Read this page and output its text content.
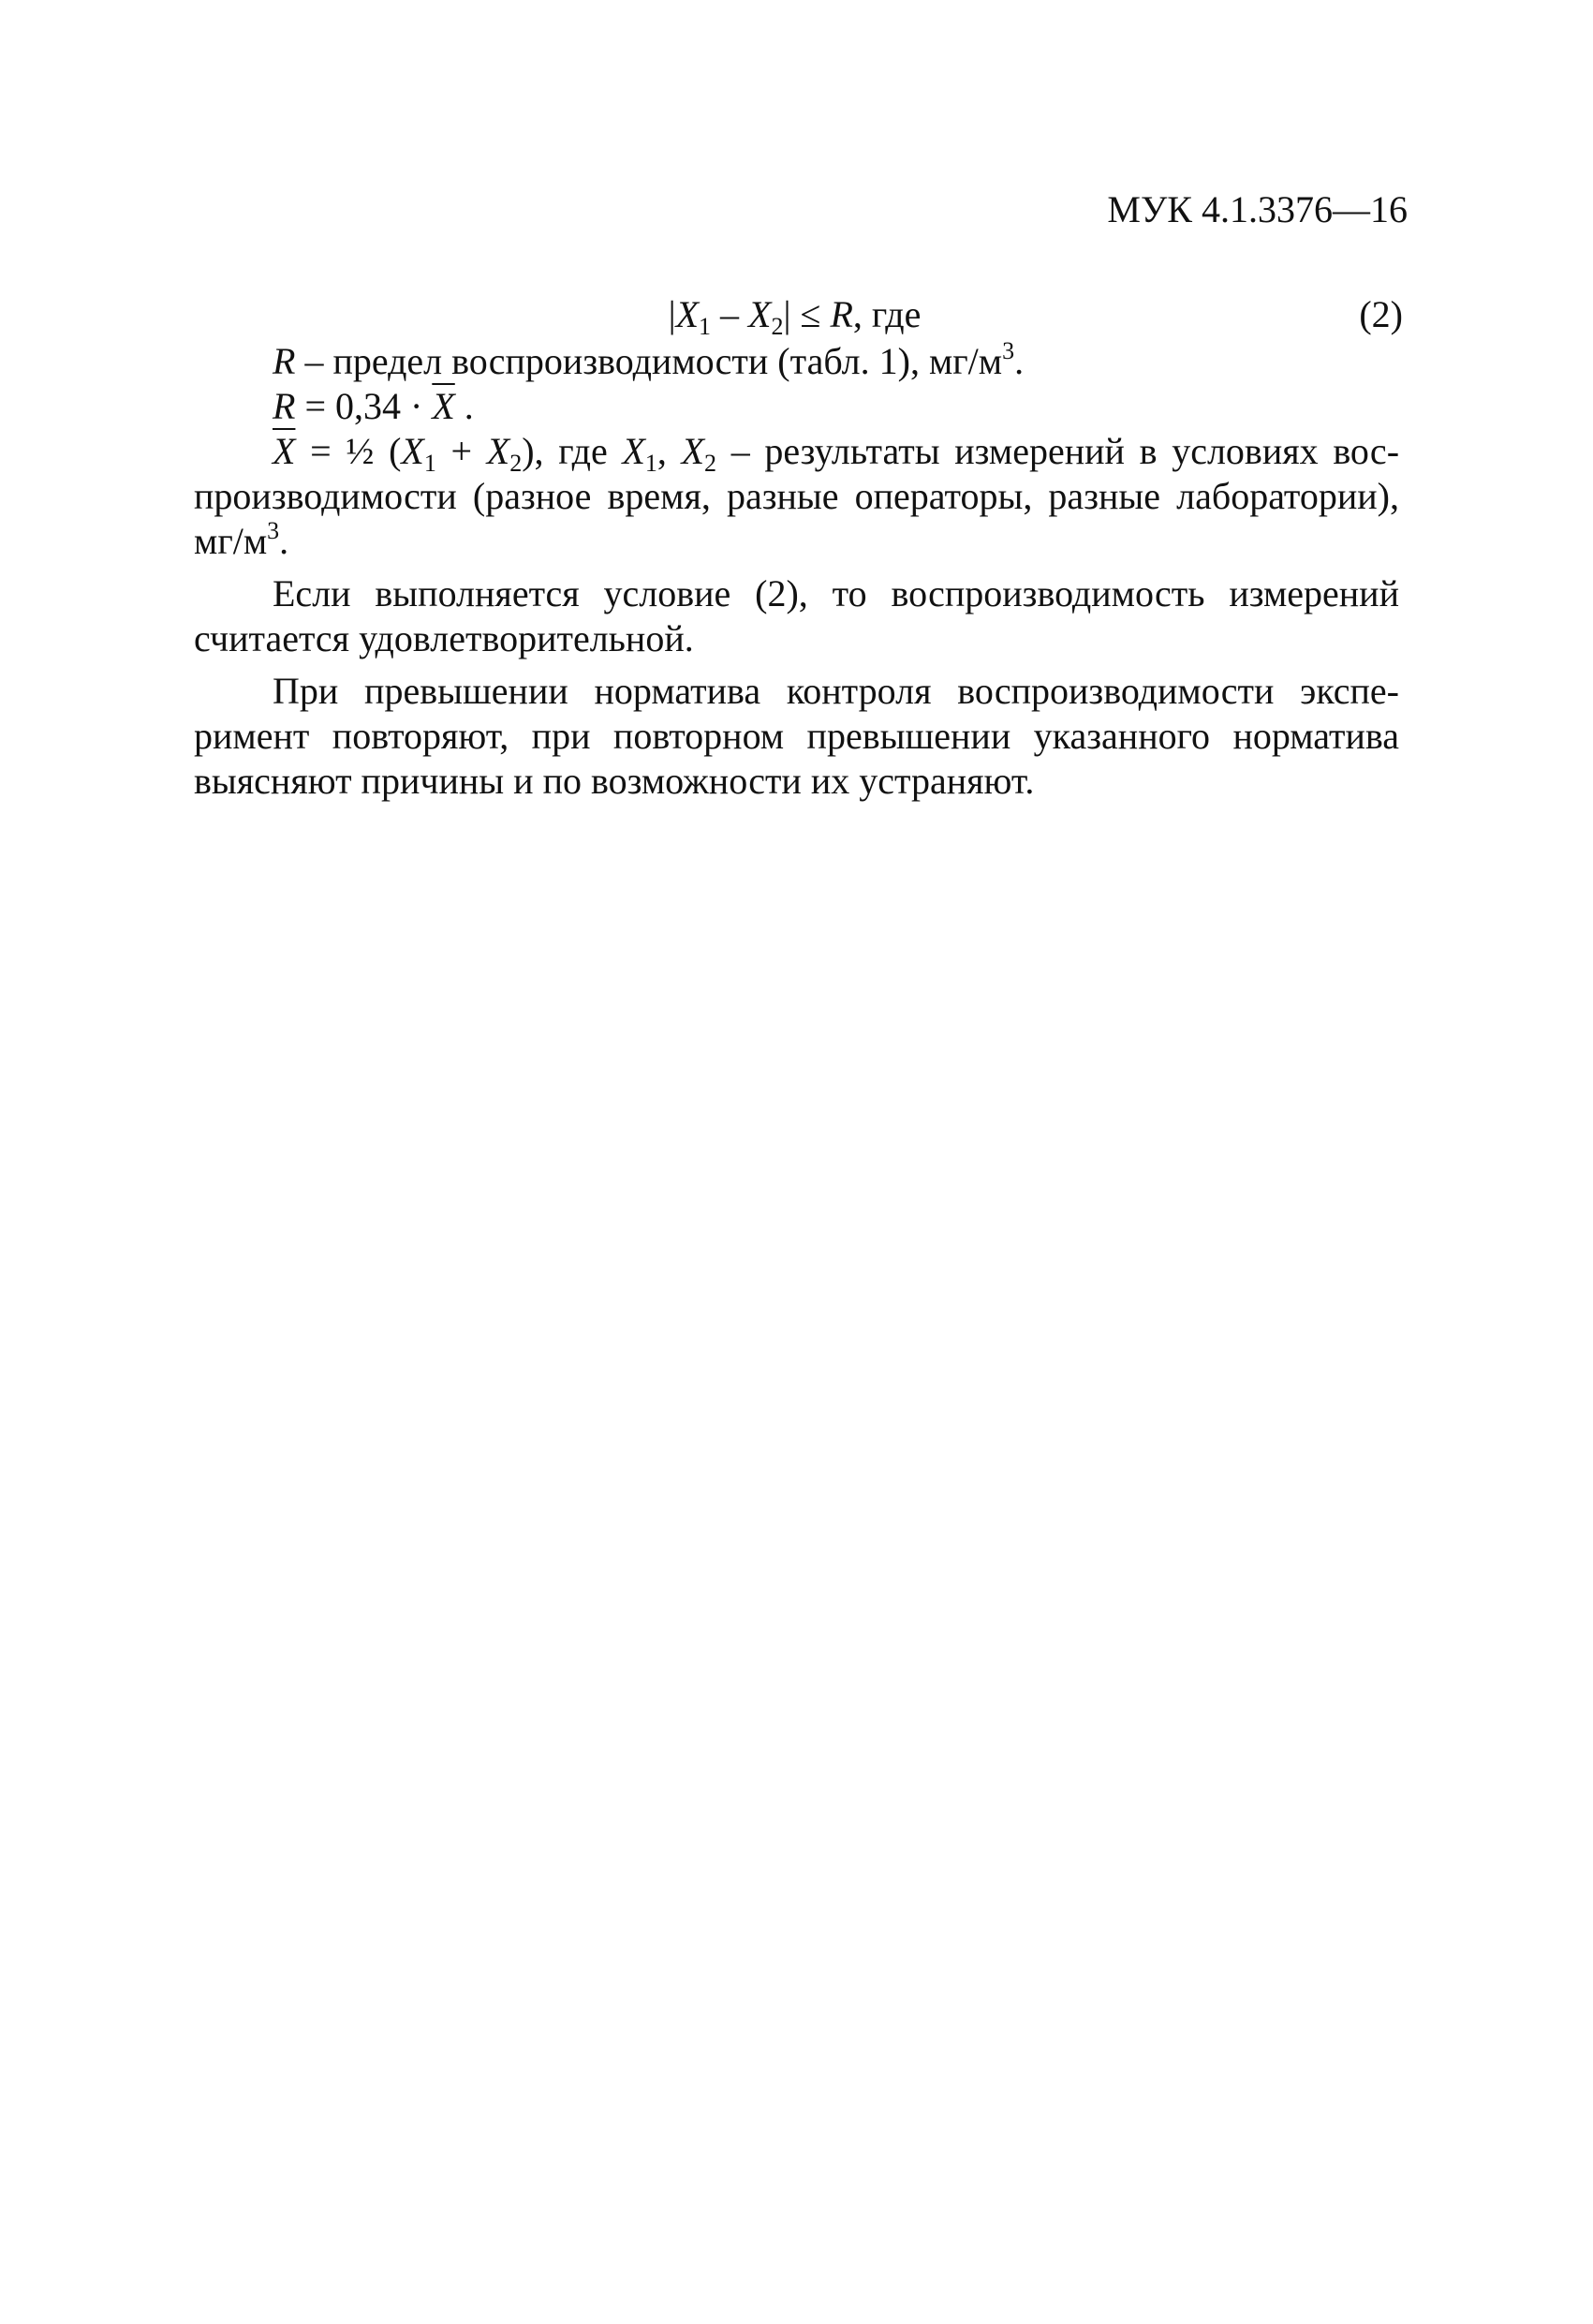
МУК 4.1.3376—16
$|X_1 - X_2| \le R$, где	(2)

R – предел воспроизводимости (табл. 1), $мг/м^3$.

$R = 0,34 \cdot \overline{X}$ .

$\overline{X}$ = ½ $(X_1 + X_2)$, где $X_1$, $X_2$ – результаты измерений в условиях воспроизводимости (разное время, разные операторы, разные лаборатории), $мг/м^3$.

Если выполняется условие (2), то воспроизводимость измерений считается удовлетворительной.

При превышении норматива контроля воспроизводимости эксперимент повторяют, при повторном превышении указанного норматива выясняют причины и по возможности их устраняют.
